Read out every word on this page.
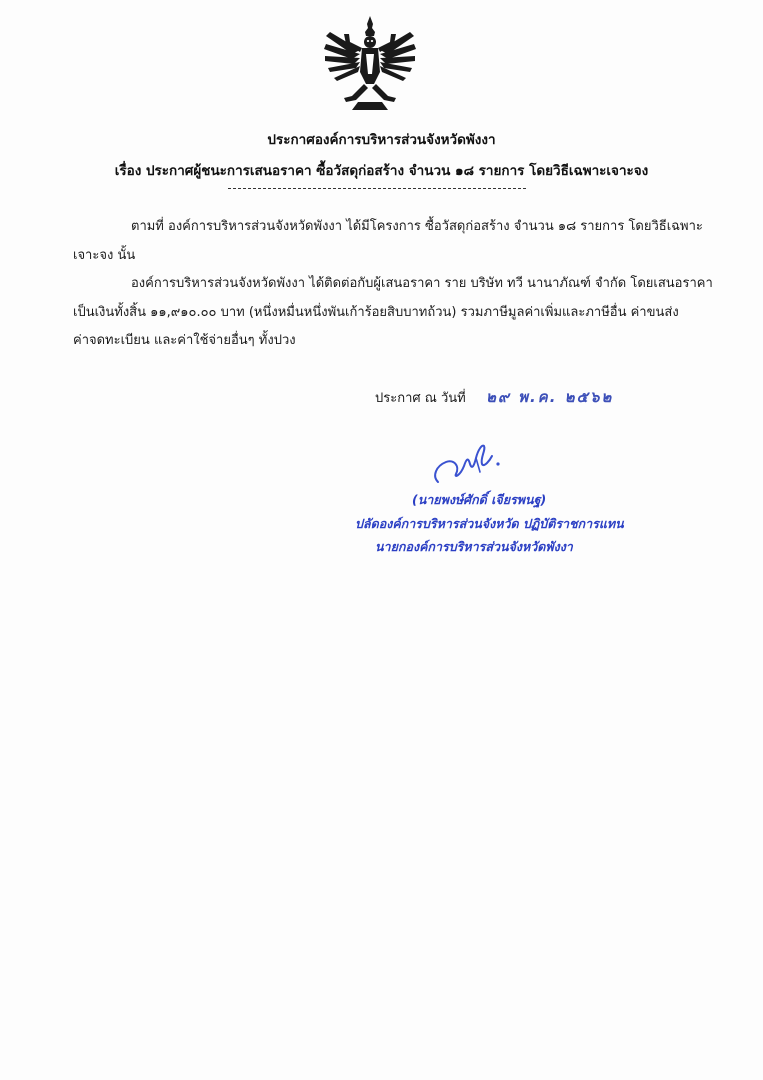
ประกาศองค์การบริหารส่วนจังหวัดพังงา
เรื่อง ประกาศผู้ชนะการเสนอราคา ซื้อวัสดุก่อสร้าง จำนวน ๑๘ รายการ โดยวิธีเฉพาะเจาะจง
ตามที่ องค์การบริหารส่วนจังหวัดพังงา ได้มีโครงการ ซื้อวัสดุก่อสร้าง จำนวน ๑๘ รายการ โดยวิธีเฉพาะ
เจาะจง นั้น
องค์การบริหารส่วนจังหวัดพังงา ได้ติดต่อกับผู้เสนอราคา ราย บริษัท ทวี นานาภัณฑ์ จำกัด โดยเสนอราคา
เป็นเงินทั้งสิ้น ๑๑,๙๑๐.๐๐ บาท (หนึ่งหมื่นหนึ่งพันเก้าร้อยสิบบาทถ้วน) รวมภาษีมูลค่าเพิ่มและภาษีอื่น ค่าขนส่ง
ค่าจดทะเบียน และค่าใช้จ่ายอื่นๆ ทั้งปวง
ประกาศ ณ วันที่ ๒๙ พ.ค. ๒๕๖๒
(นายพงษ์ศักดิ์ เจียรพนฐ)
ปลัดองค์การบริหารส่วนจังหวัด ปฏิบัติราชการแทน
นายกองค์การบริหารส่วนจังหวัดพังงา
